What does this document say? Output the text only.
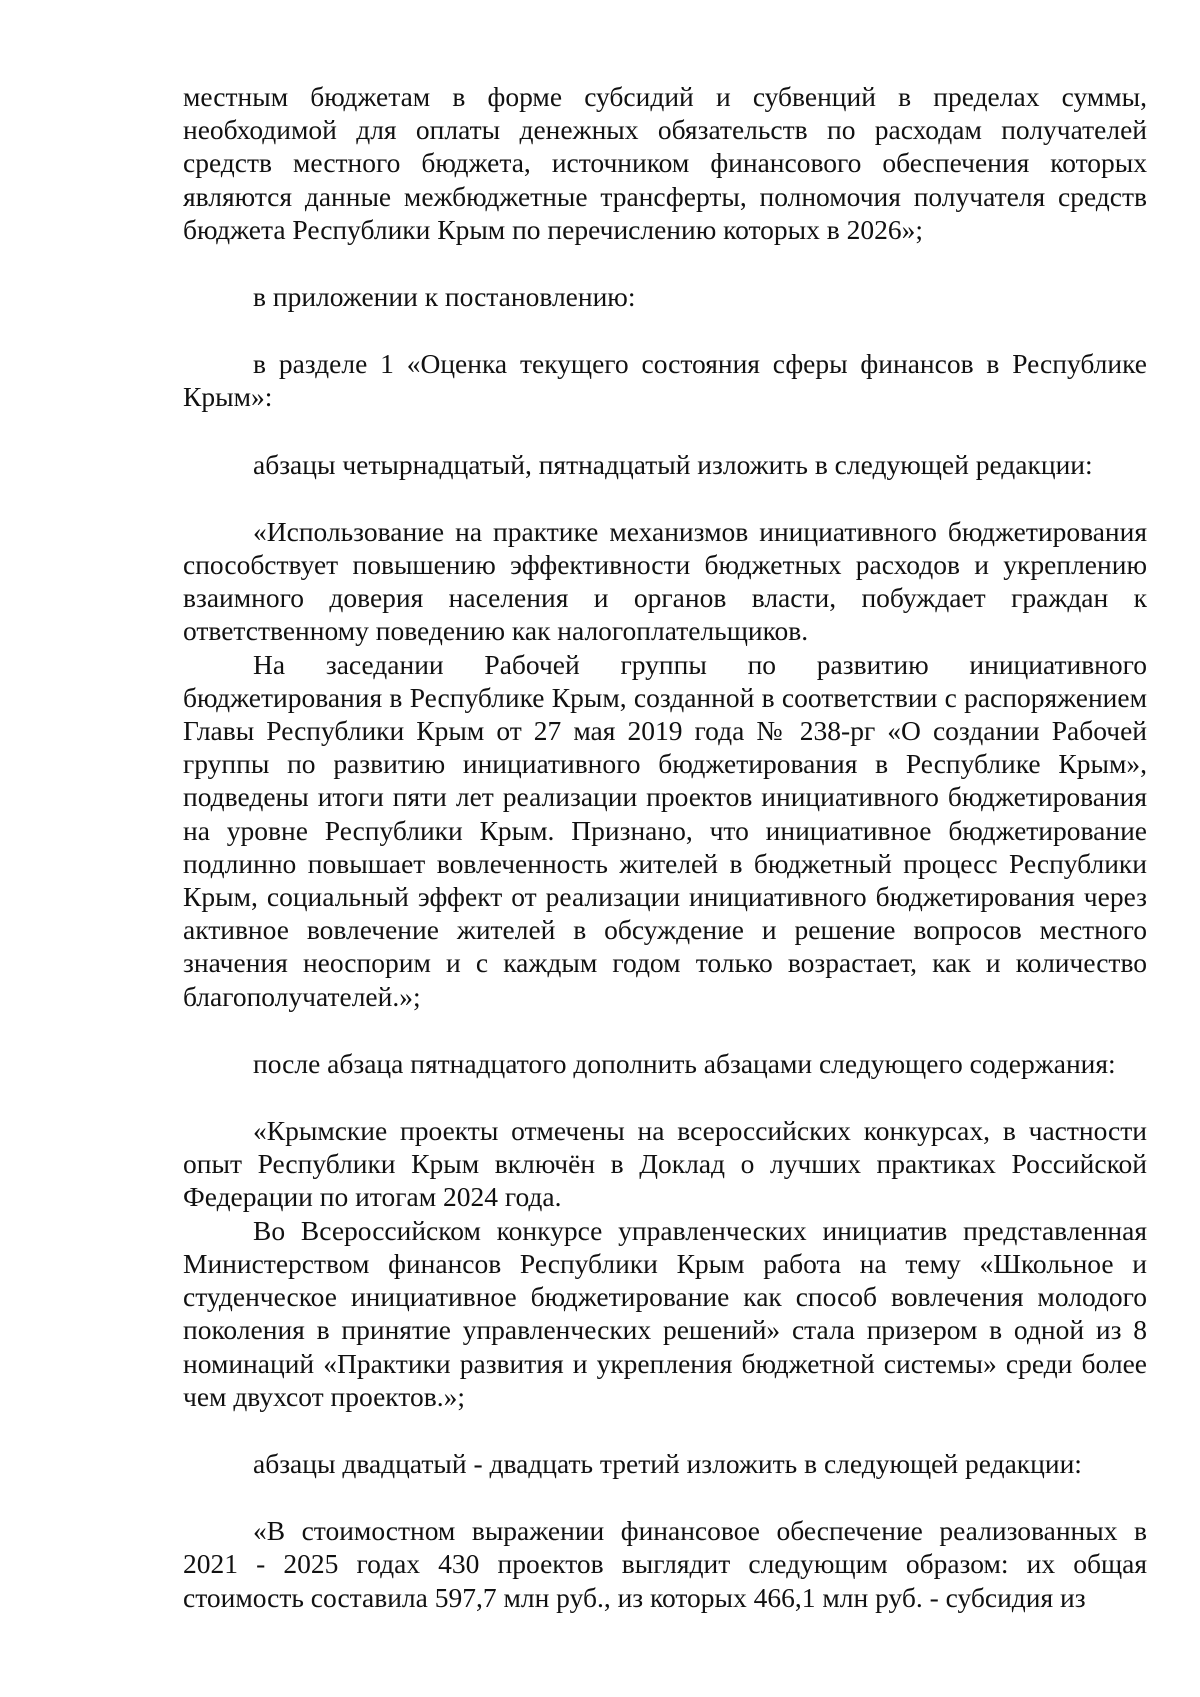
местным бюджетам в форме субсидий и субвенций в пределах суммы, необходимой для оплаты денежных обязательств по расходам получателей средств местного бюджета, источником финансового обеспечения которых являются данные межбюджетные трансферты, полномочия получателя средств бюджета Республики Крым по перечислению которых в 2026»;

в приложении к постановлению:

в разделе 1 «Оценка текущего состояния сферы финансов в Республике Крым»:

абзацы четырнадцатый, пятнадцатый изложить в следующей редакции:

«Использование на практике механизмов инициативного бюджетирования способствует повышению эффективности бюджетных расходов и укреплению взаимного доверия населения и органов власти, побуждает граждан к ответственному поведению как налогоплательщиков.

На заседании Рабочей группы по развитию инициативного бюджетирования в Республике Крым, созданной в соответствии с распоряжением Главы Республики Крым от 27 мая 2019 года № 238-рг «О создании Рабочей группы по развитию инициативного бюджетирования в Республике Крым», подведены итоги пяти лет реализации проектов инициативного бюджетирования на уровне Республики Крым. Признано, что инициативное бюджетирование подлинно повышает вовлеченность жителей в бюджетный процесс Республики Крым, социальный эффект от реализации инициативного бюджетирования через активное вовлечение жителей в обсуждение и решение вопросов местного значения неоспорим и с каждым годом только возрастает, как и количество благополучателей.»;

после абзаца пятнадцатого дополнить абзацами следующего содержания:

«Крымские проекты отмечены на всероссийских конкурсах, в частности опыт Республики Крым включён в Доклад о лучших практиках Российской Федерации по итогам 2024 года.

Во Всероссийском конкурсе управленческих инициатив представленная Министерством финансов Республики Крым работа на тему «Школьное и студенческое инициативное бюджетирование как способ вовлечения молодого поколения в принятие управленческих решений» стала призером в одной из 8 номинаций «Практики развития и укрепления бюджетной системы» среди более чем двухсот проектов.»;

абзацы двадцатый - двадцать третий изложить в следующей редакции:

«В стоимостном выражении финансовое обеспечение реализованных в 2021 - 2025 годах 430 проектов выглядит следующим образом: их общая стоимость составила 597,7 млн руб., из которых 466,1 млн руб. - субсидия из
